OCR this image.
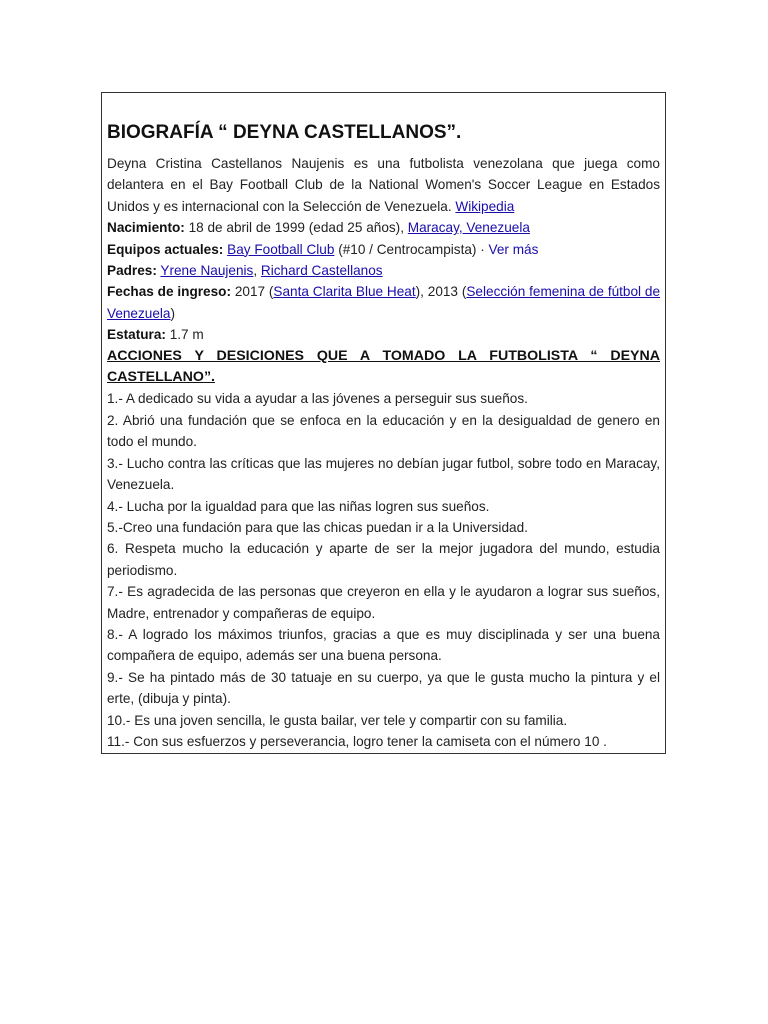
BIOGRAFÍA “ DEYNA CASTELLANOS”.

Deyna Cristina Castellanos Naujenis es una futbolista venezolana que juega como delantera en el Bay Football Club de la National Women's Soccer League en Estados Unidos y es internacional con la Selección de Venezuela. Wikipedia

Nacimiento: 18 de abril de 1999 (edad 25 años), Maracay, Venezuela

Equipos actuales: Bay Football Club (#10 / Centrocampista) · Ver más

Padres: Yrene Naujenis, Richard Castellanos

Fechas de ingreso: 2017 (Santa Clarita Blue Heat), 2013 (Selección femenina de fútbol de Venezuela)

Estatura: 1.7 m

ACCIONES Y DESICIONES QUE A TOMADO LA FUTBOLISTA “ DEYNA CASTELLANO”.

1.- A dedicado su vida a ayudar a las jóvenes a perseguir sus sueños.

2. Abrió una fundación que se enfoca en la educación y en la desigualdad de genero en todo el mundo.

3.- Lucho contra las críticas que las mujeres no debían jugar futbol, sobre todo en Maracay, Venezuela.

4.- Lucha por la igualdad para que las niñas logren sus sueños.

5.-Creo una fundación para que las chicas puedan ir a la Universidad.

6. Respeta mucho la educación y aparte de ser la mejor jugadora del mundo, estudia periodismo.

7.- Es agradecida de las personas que creyeron en ella y le ayudaron a lograr sus sueños, Madre, entrenador y compañeras de equipo.

8.- A logrado los máximos triunfos, gracias a que es muy disciplinada y ser una buena compañera de equipo, además ser una buena persona.

9.- Se ha pintado más de 30 tatuaje en su cuerpo, ya que le gusta mucho la pintura y el erte, (dibuja y pinta).

10.- Es una joven sencilla, le gusta bailar, ver tele y compartir con su familia.

11.- Con sus esfuerzos y perseverancia, logro tener la camiseta con el número 10 .
